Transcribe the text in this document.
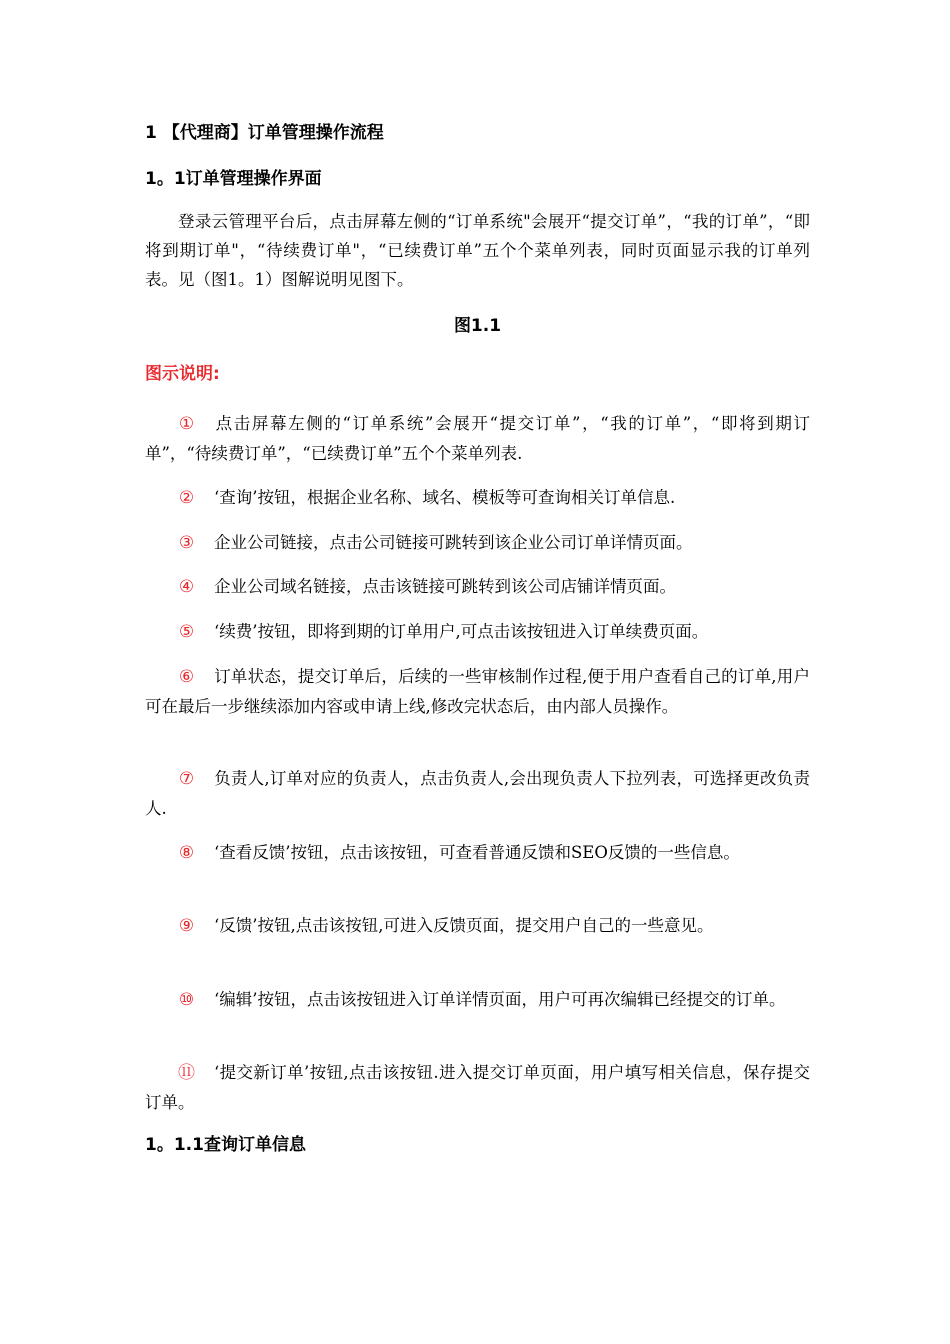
1 【代理商】订单管理操作流程
1。1订单管理操作界面
登录云管理平台后，点击屏幕左侧的“订单系统"会展开“提交订单”，“我的订单”，“即将到期订单"，“待续费订单"，“已续费订单”五个个菜单列表，同时页面显示我的订单列表。见（图1。1）图解说明见图下。
图1.1
图示说明:
① 点击屏幕左侧的“订单系统”会展开“提交订单”，“我的订单”，“即将到期订单”，“待续费订单”，“已续费订单”五个个菜单列表.
② ‘查询’按钮，根据企业名称、域名、模板等可查询相关订单信息.
③ 企业公司链接，点击公司链接可跳转到该企业公司订单详情页面。
④ 企业公司域名链接，点击该链接可跳转到该公司店铺详情页面。
⑤ ‘续费’按钮，即将到期的订单用户,可点击该按钮进入订单续费页面。
⑥ 订单状态，提交订单后，后续的一些审核制作过程,便于用户查看自己的订单,用户可在最后一步继续添加内容或申请上线,修改完状态后，由内部人员操作。
⑦ 负责人,订单对应的负责人，点击负责人,会出现负责人下拉列表，可选择更改负责人.
⑧ ‘查看反馈’按钮，点击该按钮，可查看普通反馈和SEO反馈的一些信息。
⑨ ‘反馈’按钮,点击该按钮,可进入反馈页面，提交用户自己的一些意见。
⑩ ‘编辑’按钮，点击该按钮进入订单详情页面，用户可再次编辑已经提交的订单。
⑪ ‘提交新订单’按钮,点击该按钮.进入提交订单页面，用户填写相关信息，保存提交订单。
1。1.1查询订单信息
